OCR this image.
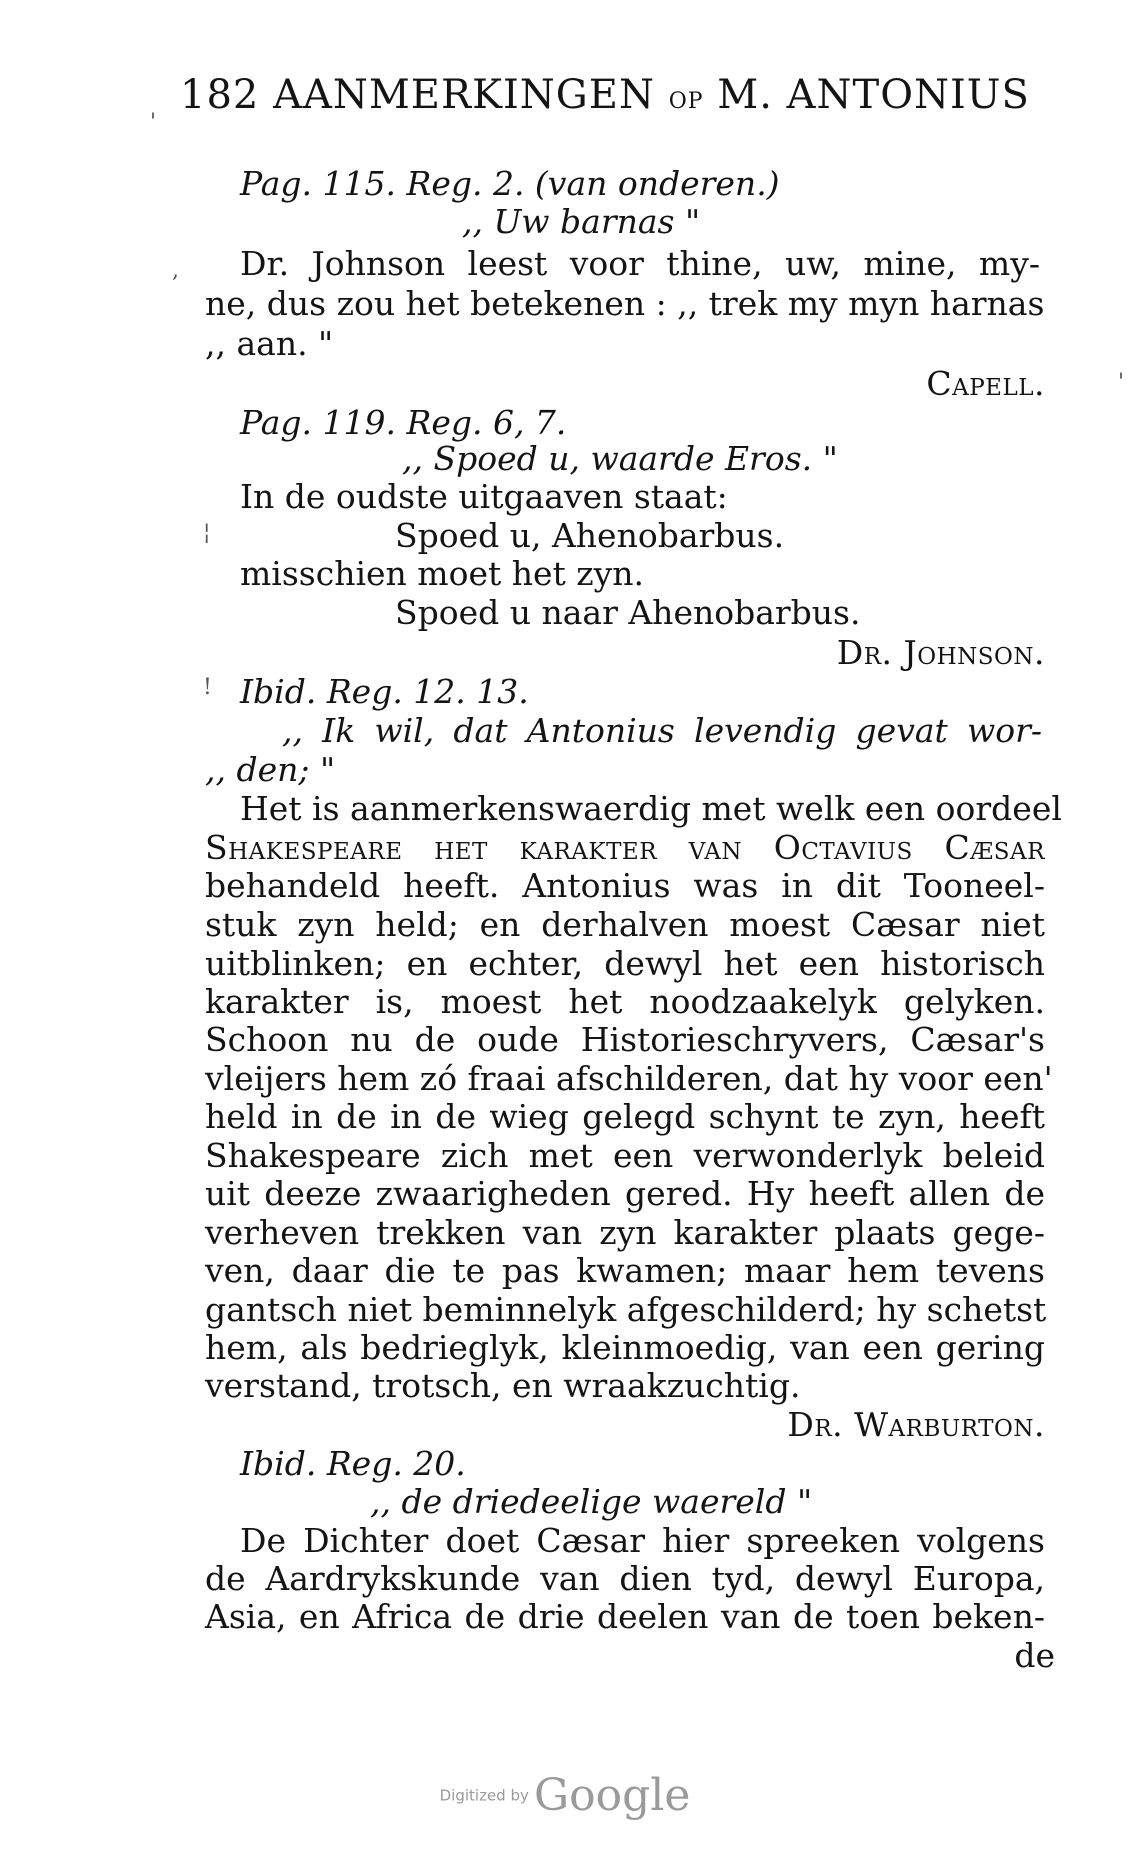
182 AANMERKINGEN OP M. ANTONIUS
Pag. 115. Reg. 2. (van onderen.)
,, Uw barnas "
Dr. Johnson leest voor thine, uw, mine, my-
ne, dus zou het betekenen : ,, trek my myn harnas
,, aan. "
Capell.
Pag. 119. Reg. 6, 7.
,, Spoed u, waarde Eros. "
In de oudste uitgaaven staat:
Spoed u, Ahenobarbus.
misschien moet het zyn.
Spoed u naar Ahenobarbus.
Dr. Johnson.
Ibid. Reg. 12. 13.
,, Ik wil, dat Antonius levendig gevat wor-
,, den; "
Het is aanmerkenswaerdig met welk een oordeel
Shakespeare het karakter van Octavius Cæsar
behandeld heeft. Antonius was in dit Tooneel-
stuk zyn held; en derhalven moest Cæsar niet
uitblinken; en echter, dewyl het een historisch
karakter is, moest het noodzaakelyk gelyken.
Schoon nu de oude Historieschryvers, Cæsar's
vleijers hem zó fraai afschilderen, dat hy voor een'
held in de in de wieg gelegd schynt te zyn, heeft
Shakespeare zich met een verwonderlyk beleid
uit deeze zwaarigheden gered. Hy heeft allen de
verheven trekken van zyn karakter plaats gege-
ven, daar die te pas kwamen; maar hem tevens
gantsch niet beminnelyk afgeschilderd; hy schetst
hem, als bedrieglyk, kleinmoedig, van een gering
verstand, trotsch, en wraakzuchtig.
Dr. Warburton.
Ibid. Reg. 20.
,, de driedeelige waereld "
De Dichter doet Cæsar hier spreeken volgens
de Aardrykskunde van dien tyd, dewyl Europa,
Asia, en Africa de drie deelen van de toen beken-
de
'
,
¦
!
'
Digitized by Google
